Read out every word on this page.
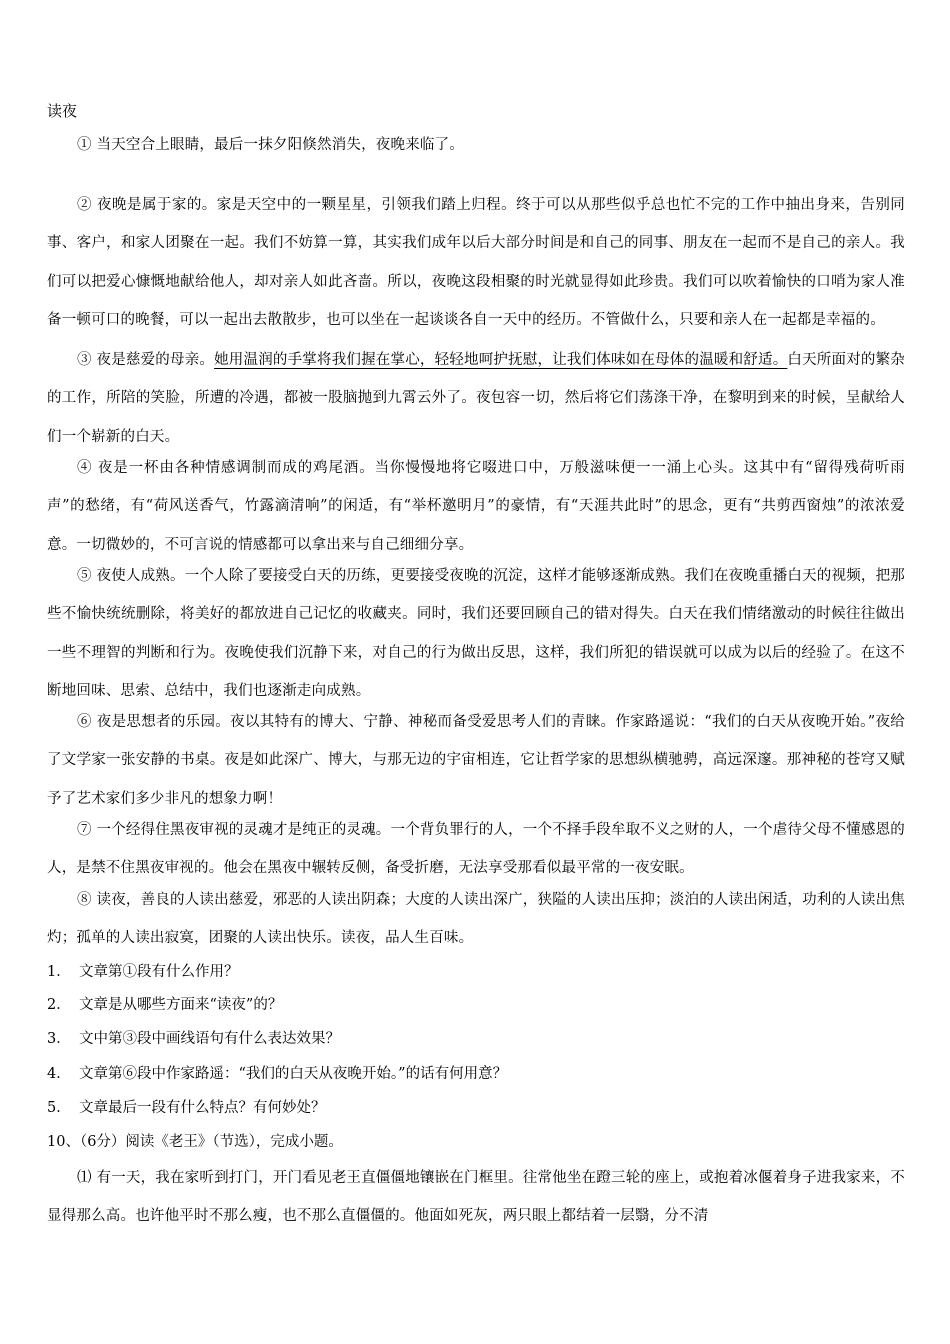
读夜

① 当天空合上眼睛，最后一抹夕阳倏然消失，夜晚来临了。

② 夜晚是属于家的。家是天空中的一颗星星，引领我们踏上归程。终于可以从那些似乎总也忙不完的工作中抽出身来，告别同事、客户，和家人团聚在一起。我们不妨算一算，其实我们成年以后大部分时间是和自己的同事、朋友在一起而不是自己的亲人。我们可以把爱心慷慨地献给他人，却对亲人如此吝啬。所以，夜晚这段相聚的时光就显得如此珍贵。我们可以吹着愉快的口哨为家人准备一顿可口的晚餐，可以一起出去散散步，也可以坐在一起谈谈各自一天中的经历。不管做什么，只要和亲人在一起都是幸福的。

③ 夜是慈爱的母亲。她用温润的手掌将我们握在掌心，轻轻地呵护抚慰，让我们体味如在母体的温暖和舒适。白天所面对的繁杂的工作，所陪的笑脸，所遭的冷遇，都被一股脑抛到九霄云外了。夜包容一切，然后将它们荡涤干净，在黎明到来的时候，呈献给人们一个崭新的白天。

④ 夜是一杯由各种情感调制而成的鸡尾酒。当你慢慢地将它啜进口中，万般滋味便一一涌上心头。这其中有“留得残荷听雨声”的愁绪，有“荷风送香气，竹露滴清响”的闲适，有“举杯邀明月”的豪情，有“天涯共此时”的思念，更有“共剪西窗烛”的浓浓爱意。一切微妙的，不可言说的情感都可以拿出来与自己细细分享。

⑤ 夜使人成熟。一个人除了要接受白天的历练，更要接受夜晚的沉淀，这样才能够逐渐成熟。我们在夜晚重播白天的视频，把那些不愉快统统删除，将美好的都放进自己记忆的收藏夹。同时，我们还要回顾自己的错对得失。白天在我们情绪激动的时候往往做出一些不理智的判断和行为。夜晚使我们沉静下来，对自己的行为做出反思，这样，我们所犯的错误就可以成为以后的经验了。在这不断地回味、思索、总结中，我们也逐渐走向成熟。

⑥ 夜是思想者的乐园。夜以其特有的博大、宁静、神秘而备受爱思考人们的青睐。作家路遥说：“我们的白天从夜晚开始。”夜给了文学家一张安静的书桌。夜是如此深广、博大，与那无边的宇宙相连，它让哲学家的思想纵横驰骋，高远深邃。那神秘的苍穹又赋予了艺术家们多少非凡的想象力啊！

⑦ 一个经得住黑夜审视的灵魂才是纯正的灵魂。一个背负罪行的人，一个不择手段牟取不义之财的人，一个虐待父母不懂感恩的人，是禁不住黑夜审视的。他会在黑夜中辗转反侧，备受折磨，无法享受那看似最平常的一夜安眠。

⑧ 读夜，善良的人读出慈爱，邪恶的人读出阴森；大度的人读出深广，狭隘的人读出压抑；淡泊的人读出闲适，功利的人读出焦灼；孤单的人读出寂寞，团聚的人读出快乐。读夜，品人生百味。

1． 文章第①段有什么作用？
2． 文章是从哪些方面来“读夜”的？
3． 文中第③段中画线语句有什么表达效果？
4． 文章第⑥段中作家路遥：“我们的白天从夜晚开始。”的话有何用意？
5． 文章最后一段有什么特点？有何妙处？
10、（6分）阅读《老王》（节选），完成小题。

⑴ 有一天，我在家听到打门，开门看见老王直僵僵地镶嵌在门框里。往常他坐在蹬三轮的座上，或抱着冰偃着身子进我家来，不显得那么高。也许他平时不那么瘦，也不那么直僵僵的。他面如死灰，两只眼上都结着一层翳，分不清
